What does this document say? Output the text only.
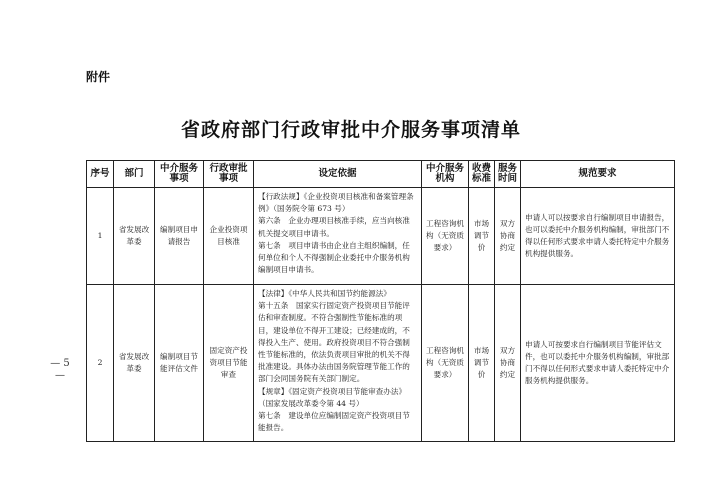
附件
省政府部门行政审批中介服务事项清单
— 5 —
序号	部门	中介服务事项	行政审批事项	设定依据	中介服务机构	收费标准	服务时间	规范要求
1	省发展改革委	编制项目申请报告	企业投资项目核准	【行政法规】《企业投资项目核准和备案管理条例》（国务院令第 673 号）

第六条　企业办理项目核准手续，应当向核准机关提交项目申请书。

第七条　项目申请书由企业自主组织编制，任何单位和个人不得强制企业委托中介服务机构编制项目申请书。	工程咨询机构（无资质要求）	市场调节价	双方协商约定	申请人可以按要求自行编制项目申请报告，也可以委托中介服务机构编制，审批部门不得以任何形式要求申请人委托特定中介服务机构提供服务。
2	省发展改革委	编制项目节能评估文件	固定资产投资项目节能审查	【法律】《中华人民共和国节约能源法》

第十五条　国家实行固定资产投资项目节能评估和审查制度。不符合强制性节能标准的项目，建设单位不得开工建设；已经建成的，不得投入生产、使用。政府投资项目不符合强制性节能标准的，依法负责项目审批的机关不得批准建设。具体办法由国务院管理节能工作的部门会同国务院有关部门制定。

【规章】《固定资产投资项目节能审查办法》（国家发展改革委令第 44 号）

第七条　建设单位应编制固定资产投资项目节能报告。	工程咨询机构（无资质要求）	市场调节价	双方协商约定	申请人可按要求自行编制项目节能评估文件，也可以委托中介服务机构编制，审批部门不得以任何形式要求申请人委托特定中介服务机构提供服务。
